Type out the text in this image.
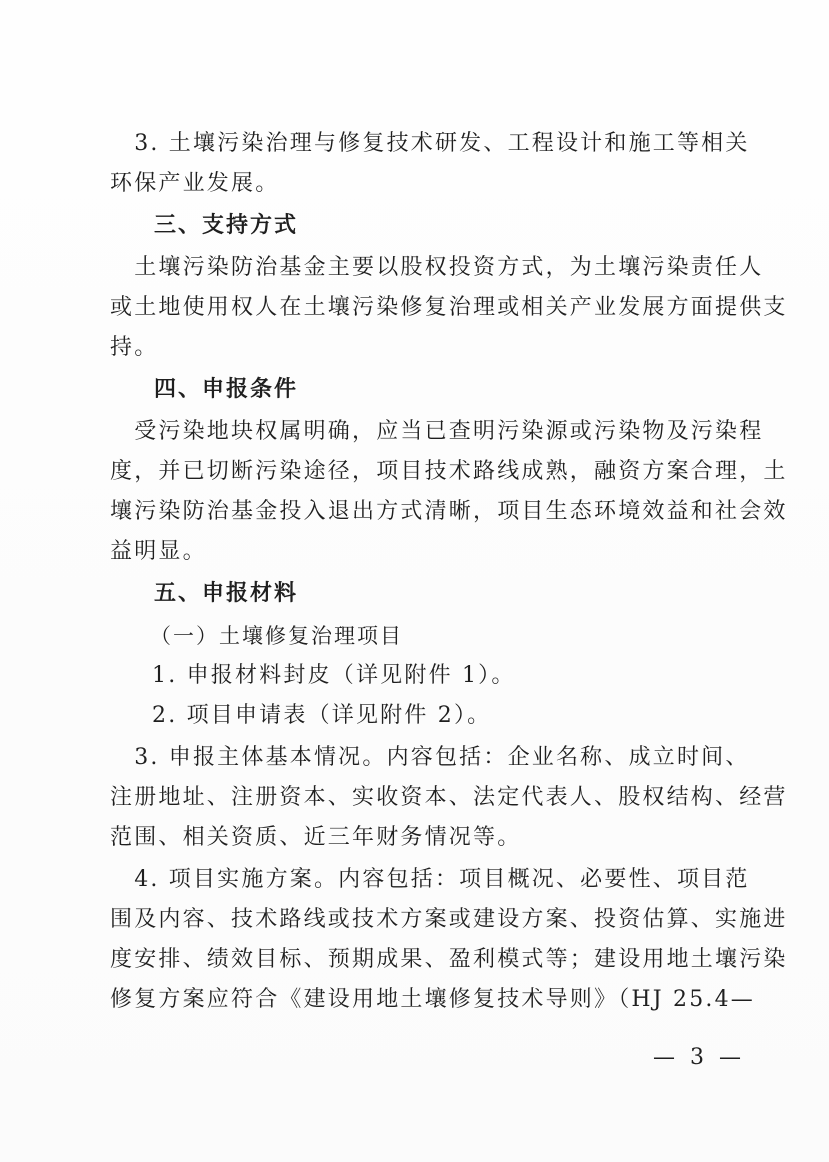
　3. 土壤污染治理与修复技术研发、工程设计和施工等相关
环保产业发展。
三、支持方式
　土壤污染防治基金主要以股权投资方式，为土壤污染责任人
或土地使用权人在土壤污染修复治理或相关产业发展方面提供支
持。
四、申报条件
　受污染地块权属明确，应当已查明污染源或污染物及污染程
度，并已切断污染途径，项目技术路线成熟，融资方案合理，土
壤污染防治基金投入退出方式清晰，项目生态环境效益和社会效
益明显。
五、申报材料

（一）土壤修复治理项目

1. 申报材料封皮（详见附件 1）。

2. 项目申请表（详见附件 2）。

　3. 申报主体基本情况。内容包括：企业名称、成立时间、
注册地址、注册资本、实收资本、法定代表人、股权结构、经营
范围、相关资质、近三年财务情况等。
　4. 项目实施方案。内容包括：项目概况、必要性、项目范
围及内容、技术路线或技术方案或建设方案、投资估算、实施进
度安排、绩效目标、预期成果、盈利模式等；建设用地土壤污染
修复方案应符合《建设用地土壤修复技术导则》（HJ 25.4—

— 3 —
